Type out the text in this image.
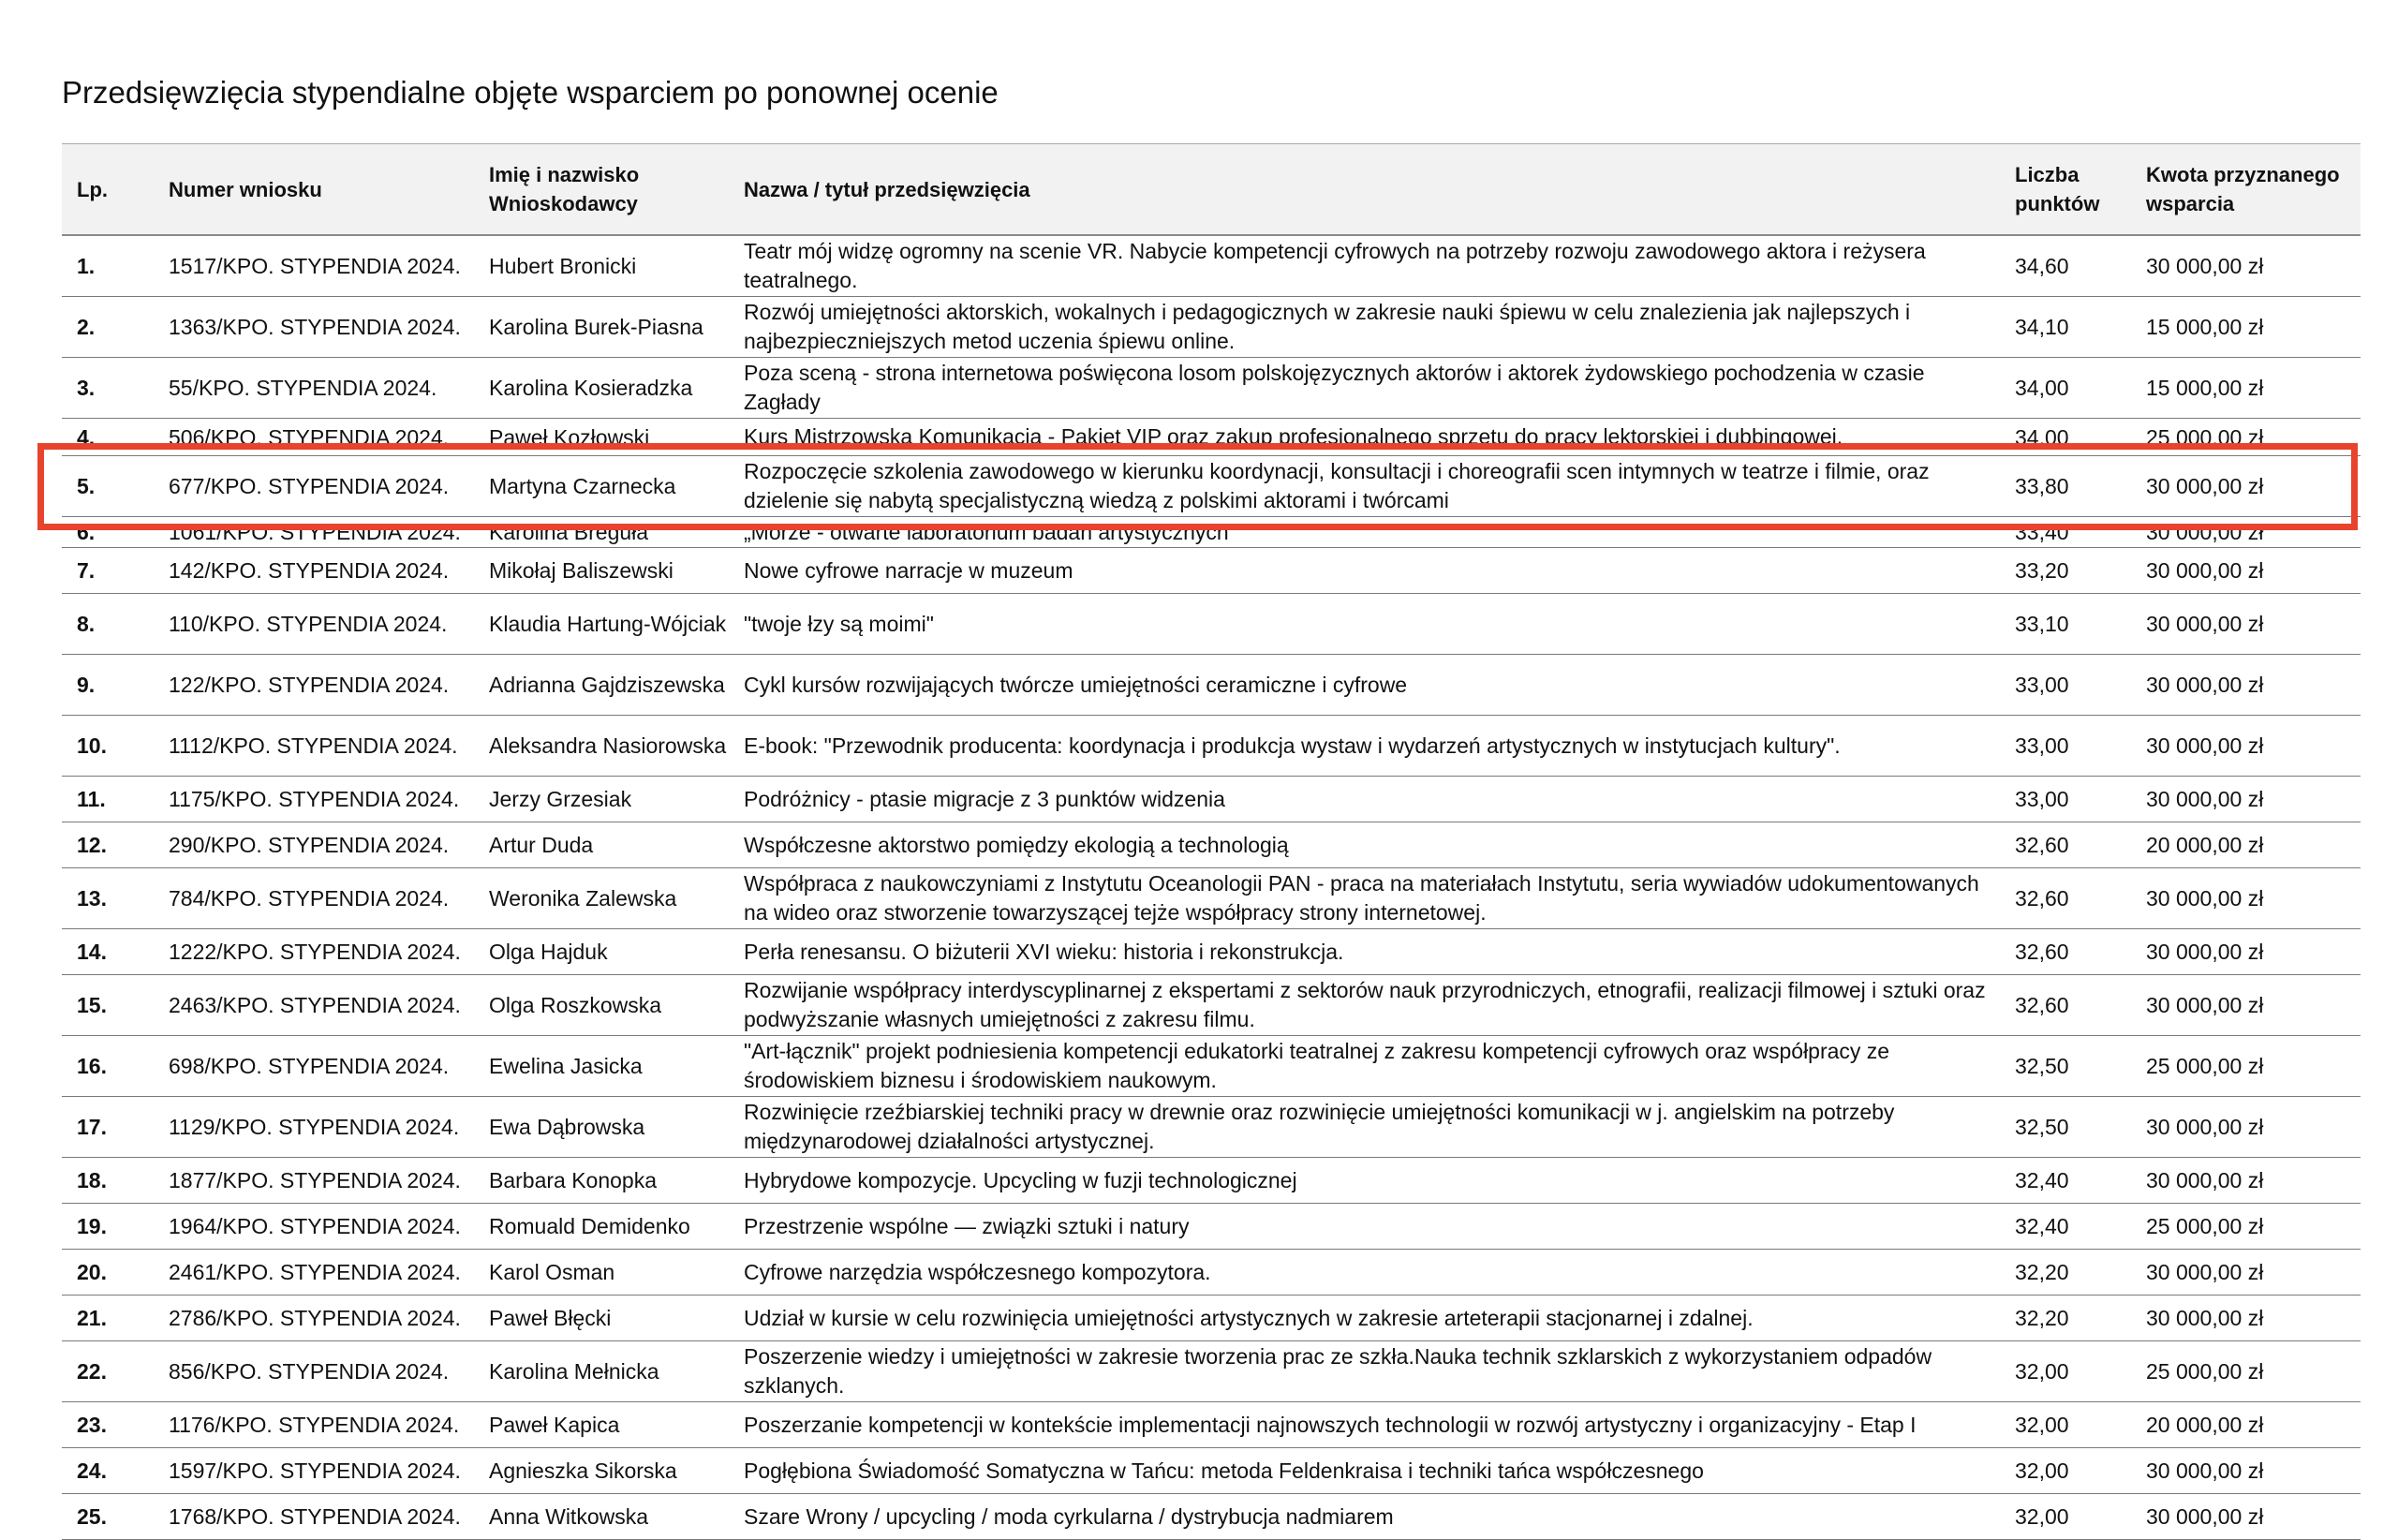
Przedsięwzięcia stypendialne objęte wsparciem po ponownej ocenie
Lp.	Numer wniosku	Imię i nazwisko Wnioskodawcy	Nazwa / tytuł przedsięwzięcia	Liczba punktów	Kwota przyznanego wsparcia
1.	1517/KPO. STYPENDIA 2024.	Hubert Bronicki	Teatr mój widzę ogromny na scenie VR. Nabycie kompetencji cyfrowych na potrzeby rozwoju zawodowego aktora i reżysera teatralnego.	34,60	30 000,00 zł
2.	1363/KPO. STYPENDIA 2024.	Karolina Burek-Piasna	Rozwój umiejętności aktorskich, wokalnych i pedagogicznych w zakresie nauki śpiewu w celu znalezienia jak najlepszych i najbezpieczniejszych metod uczenia śpiewu online.	34,10	15 000,00 zł
3.	55/KPO. STYPENDIA 2024.	Karolina Kosieradzka	Poza sceną - strona internetowa poświęcona losom polskojęzycznych aktorów i aktorek żydowskiego pochodzenia w czasie Zagłady	34,00	15 000,00 zł
4.	506/KPO. STYPENDIA 2024.	Paweł Kozłowski	Kurs Mistrzowska Komunikacja - Pakiet VIP oraz zakup profesjonalnego sprzętu do pracy lektorskiej i dubbingowej.	34,00	25 000,00 zł
5.	677/KPO. STYPENDIA 2024.	Martyna Czarnecka	Rozpoczęcie szkolenia zawodowego w kierunku koordynacji, konsultacji i choreografii scen intymnych w teatrze i filmie, oraz dzielenie się nabytą specjalistyczną wiedzą z polskimi aktorami i twórcami	33,80	30 000,00 zł
6.	1061/KPO. STYPENDIA 2024.	Karolina Breguła	„Morze - otwarte laboratorium badań artystycznych”	33,40	30 000,00 zł
7.	142/KPO. STYPENDIA 2024.	Mikołaj Baliszewski	Nowe cyfrowe narracje w muzeum	33,20	30 000,00 zł
8.	110/KPO. STYPENDIA 2024.	Klaudia Hartung-Wójciak	"twoje łzy są moimi"	33,10	30 000,00 zł
9.	122/KPO. STYPENDIA 2024.	Adrianna Gajdziszewska	Cykl kursów rozwijających twórcze umiejętności ceramiczne i cyfrowe	33,00	30 000,00 zł
10.	1112/KPO. STYPENDIA 2024.	Aleksandra Nasiorowska	E-book: "Przewodnik producenta: koordynacja i produkcja wystaw i wydarzeń artystycznych w instytucjach kultury".	33,00	30 000,00 zł
11.	1175/KPO. STYPENDIA 2024.	Jerzy Grzesiak	Podróżnicy - ptasie migracje z 3 punktów widzenia	33,00	30 000,00 zł
12.	290/KPO. STYPENDIA 2024.	Artur Duda	Współczesne aktorstwo pomiędzy ekologią a technologią	32,60	20 000,00 zł
13.	784/KPO. STYPENDIA 2024.	Weronika Zalewska	Współpraca z naukowczyniami z Instytutu Oceanologii PAN - praca na materiałach Instytutu, seria wywiadów udokumentowanych na wideo oraz stworzenie towarzyszącej tejże współpracy strony internetowej.	32,60	30 000,00 zł
14.	1222/KPO. STYPENDIA 2024.	Olga Hajduk	Perła renesansu. O biżuterii XVI wieku: historia i rekonstrukcja.	32,60	30 000,00 zł
15.	2463/KPO. STYPENDIA 2024.	Olga Roszkowska	Rozwijanie współpracy interdyscyplinarnej z ekspertami z sektorów nauk przyrodniczych, etnografii, realizacji filmowej i sztuki oraz podwyższanie własnych umiejętności z zakresu filmu.	32,60	30 000,00 zł
16.	698/KPO. STYPENDIA 2024.	Ewelina Jasicka	"Art-łącznik" projekt podniesienia kompetencji edukatorki teatralnej z zakresu kompetencji cyfrowych oraz współpracy ze środowiskiem biznesu i środowiskiem naukowym.	32,50	25 000,00 zł
17.	1129/KPO. STYPENDIA 2024.	Ewa Dąbrowska	Rozwinięcie rzeźbiarskiej techniki pracy w drewnie oraz rozwinięcie umiejętności komunikacji w j. angielskim na potrzeby międzynarodowej działalności artystycznej.	32,50	30 000,00 zł
18.	1877/KPO. STYPENDIA 2024.	Barbara Konopka	Hybrydowe kompozycje. Upcycling w fuzji technologicznej	32,40	30 000,00 zł
19.	1964/KPO. STYPENDIA 2024.	Romuald Demidenko	Przestrzenie wspólne — związki sztuki i natury	32,40	25 000,00 zł
20.	2461/KPO. STYPENDIA 2024.	Karol Osman	Cyfrowe narzędzia współczesnego kompozytora.	32,20	30 000,00 zł
21.	2786/KPO. STYPENDIA 2024.	Paweł Błęcki	Udział w kursie w celu rozwinięcia umiejętności artystycznych w zakresie arteterapii stacjonarnej i zdalnej.	32,20	30 000,00 zł
22.	856/KPO. STYPENDIA 2024.	Karolina Mełnicka	Poszerzenie wiedzy i umiejętności w zakresie tworzenia prac ze szkła.Nauka technik szklarskich z wykorzystaniem odpadów szklanych.	32,00	25 000,00 zł
23.	1176/KPO. STYPENDIA 2024.	Paweł Kapica	Poszerzanie kompetencji w kontekście implementacji najnowszych technologii w rozwój artystyczny i organizacyjny - Etap I	32,00	20 000,00 zł
24.	1597/KPO. STYPENDIA 2024.	Agnieszka Sikorska	Pogłębiona Świadomość Somatyczna w Tańcu: metoda Feldenkraisa i techniki tańca współczesnego	32,00	30 000,00 zł
25.	1768/KPO. STYPENDIA 2024.	Anna Witkowska	Szare Wrony / upcycling / moda cyrkularna / dystrybucja nadmiarem	32,00	30 000,00 zł
